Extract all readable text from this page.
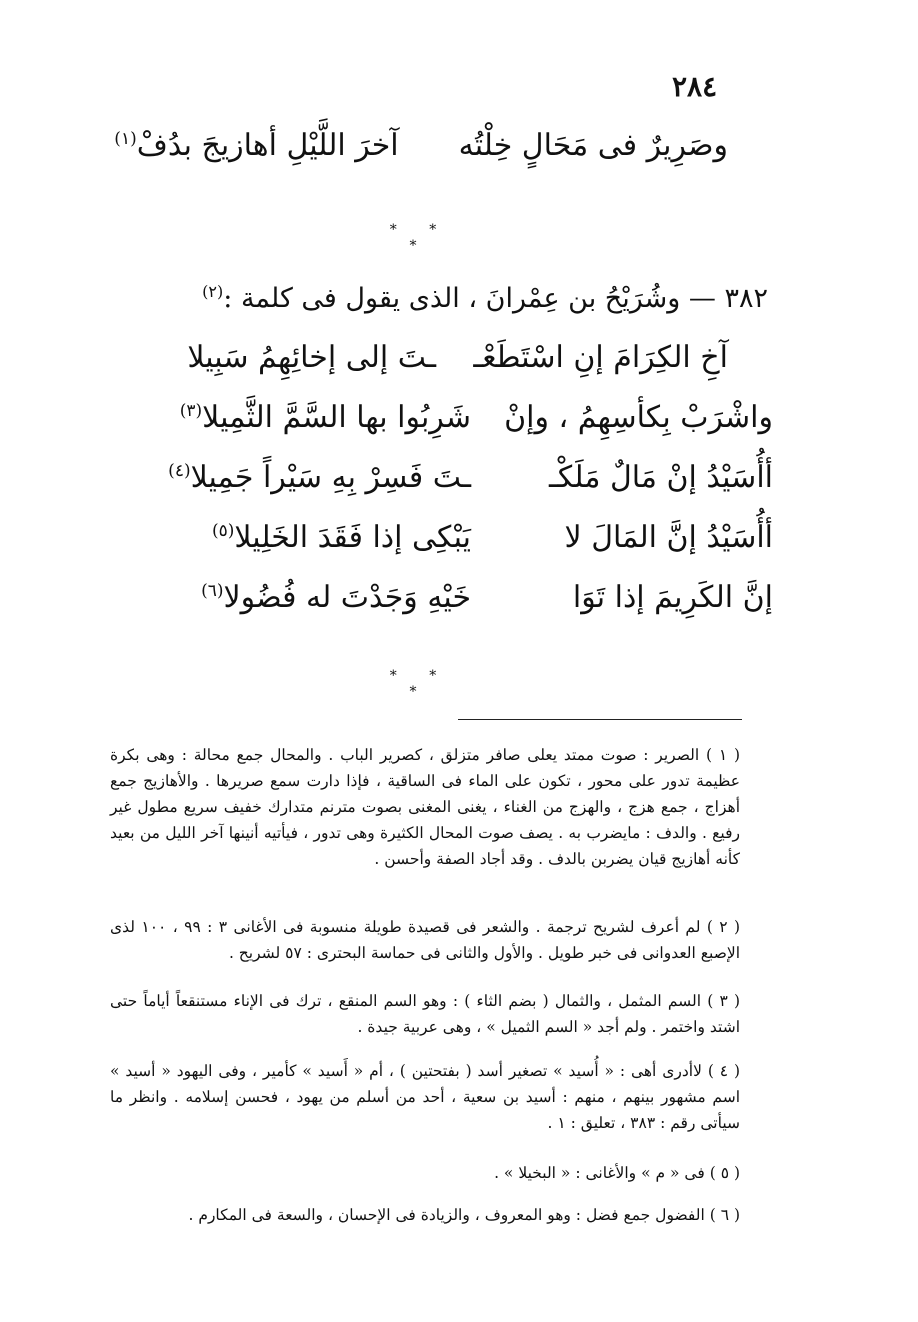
٢٨٤
وصَرِيرٌ فى مَحَالٍ خِلْتُهآخرَ اللَّيْلِ أهازيجَ بدُفْ(١)
* * *
٣٨٢ — وشُرَيْحُ بن عِمْرانَ ، الذى يقول فى كلمة :$^{(٢)}$
آخِ الكِرَامَ إنِ اسْتَطَعْــتَ إلى إخائِهِمُ سَبِيلا
واشْرَبْ بِكأسِهِمُ ، وإنْشَرِبُوا بها السَّمَّ الثَّمِيلا(٣)
أأُسَيْدُ إنْ مَالٌ مَلَكْــتَ فَسِرْ بِهِ سَيْراً جَمِيلا(٤)
أأُسَيْدُ إنَّ المَالَ لايَبْكِى إذا فَقَدَ الخَلِيلا(٥)
إنَّ الكَرِيمَ إذا تَوَاخَيْهِ وَجَدْتَ له فُضُولا(٦)
* * *
( ١ ) الصرير : صوت ممتد يعلى صافر متزلق ، كصرير الباب . والمحال جمع محالة : وهى بكرة عظيمة تدور على محور ، تكون على الماء فى الساقية ، فإذا دارت سمع صريرها . والأهازيج جمع أهزاج ، جمع هزج ، والهزج من الغناء ، يغنى المغنى بصوت مترنم متدارك خفيف سريع مطول غير رفيع . والدف : مايضرب به . يصف صوت المحال الكثيرة وهى تدور ، فيأتيه أنينها آخر الليل من بعيد كأنه أهازيج قيان يضربن بالدف . وقد أجاد الصفة وأحسن .
( ٢ ) لم أعرف لشريح ترجمة . والشعر فى قصيدة طويلة منسوبة فى الأغانى ٣ : ٩٩ ، ١٠٠ لذى الإصبع العدوانى فى خبر طويل . والأول والثانى فى حماسة البحترى : ٥٧ لشريح .
( ٣ ) السم المثمل ، والثمال ( بضم الثاء ) : وهو السم المنقع ، ترك فى الإناء مستنقعاً أياماً حتى اشتد واختمر . ولم أجد « السم الثميل » ، وهى عربية جيدة .
( ٤ ) لاأدرى أهى : « أُسيد » تصغير أسد ( بفتحتين ) ، أم « أَسيد » كأمير ، وفى اليهود « أسيد » اسم مشهور بينهم ، منهم : أسيد بن سعية ، أحد من أسلم من يهود ، فحسن إسلامه . وانظر ما سيأتى رقم : ٣٨٣ ، تعليق : ١ .
( ٥ ) فى « م » والأغانى : « البخيلا » .
( ٦ ) الفضول جمع فضل : وهو المعروف ، والزيادة فى الإحسان ، والسعة فى المكارم .
